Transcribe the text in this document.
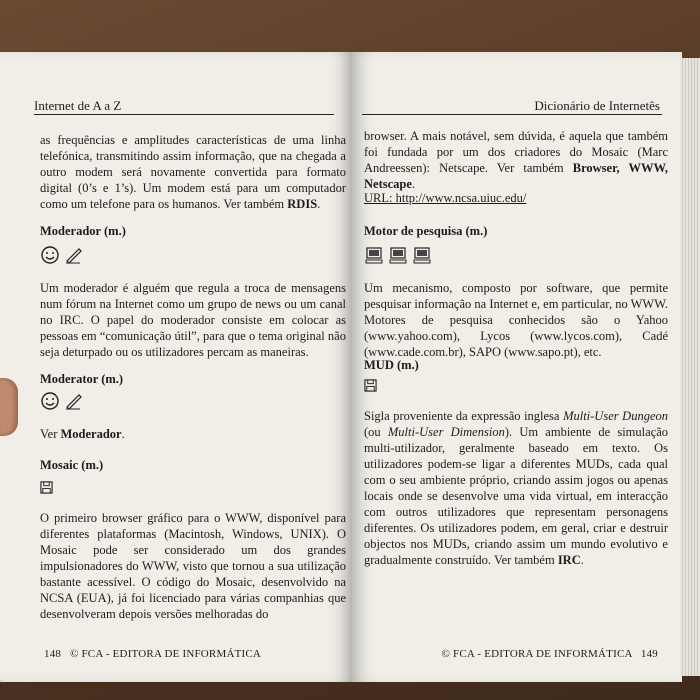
Internet de A a Z

as frequências e amplitudes características de uma linha telefónica, transmitindo assim informação, que na chegada a outro modem será novamente convertida para formato digital (0’s e 1’s). Um modem está para um computador como um telefone para os humanos. Ver também RDIS.

Moderador (m.)

Um moderador é alguém que regula a troca de mensagens num fórum na Internet como um grupo de news ou um canal no IRC. O papel do moderador consiste em colocar as pessoas em “comunicação útil”, para que o tema original não seja deturpado ou os utilizadores percam as maneiras.

Moderator (m.)

Ver Moderador.

Mosaic (m.)

O primeiro browser gráfico para o WWW, disponível para diferentes plataformas (Macintosh, Windows, UNIX). O Mosaic pode ser considerado um dos grandes impulsionadores do WWW, visto que tornou a sua utilização bastante acessível. O código do Mosaic, desenvolvido na NCSA (EUA), já foi licenciado para várias companhias que desenvolveram depois versões melhoradas do

148 © FCA - EDITORA DE INFORMÁTICA
Dicionário de Internetês

browser. A mais notável, sem dúvida, é aquela que também foi fundada por um dos criadores do Mosaic (Marc Andreessen): Netscape. Ver também Browser, WWW, Netscape.

URL: http://www.ncsa.uiuc.edu/

Motor de pesquisa (m.)

Um mecanismo, composto por software, que permite pesquisar informação na Internet e, em particular, no WWW. Motores de pesquisa conhecidos são o Yahoo (www.yahoo.com), Lycos (www.lycos.com), Cadé (www.cade.com.br), SAPO (www.sapo.pt), etc.

MUD (m.)

Sigla proveniente da expressão inglesa Multi-User Dungeon (ou Multi-User Dimension). Um ambiente de simulação multi-utilizador, geralmente baseado em texto. Os utilizadores podem-se ligar a diferentes MUDs, cada qual com o seu ambiente próprio, criando assim jogos ou apenas locais onde se desenvolve uma vida virtual, em interacção com outros utilizadores que representam personagens diferentes. Os utilizadores podem, em geral, criar e destruir objectos nos MUDs, criando assim um mundo evolutivo e gradualmente construído. Ver também IRC.

© FCA - EDITORA DE INFORMÁTICA 149
